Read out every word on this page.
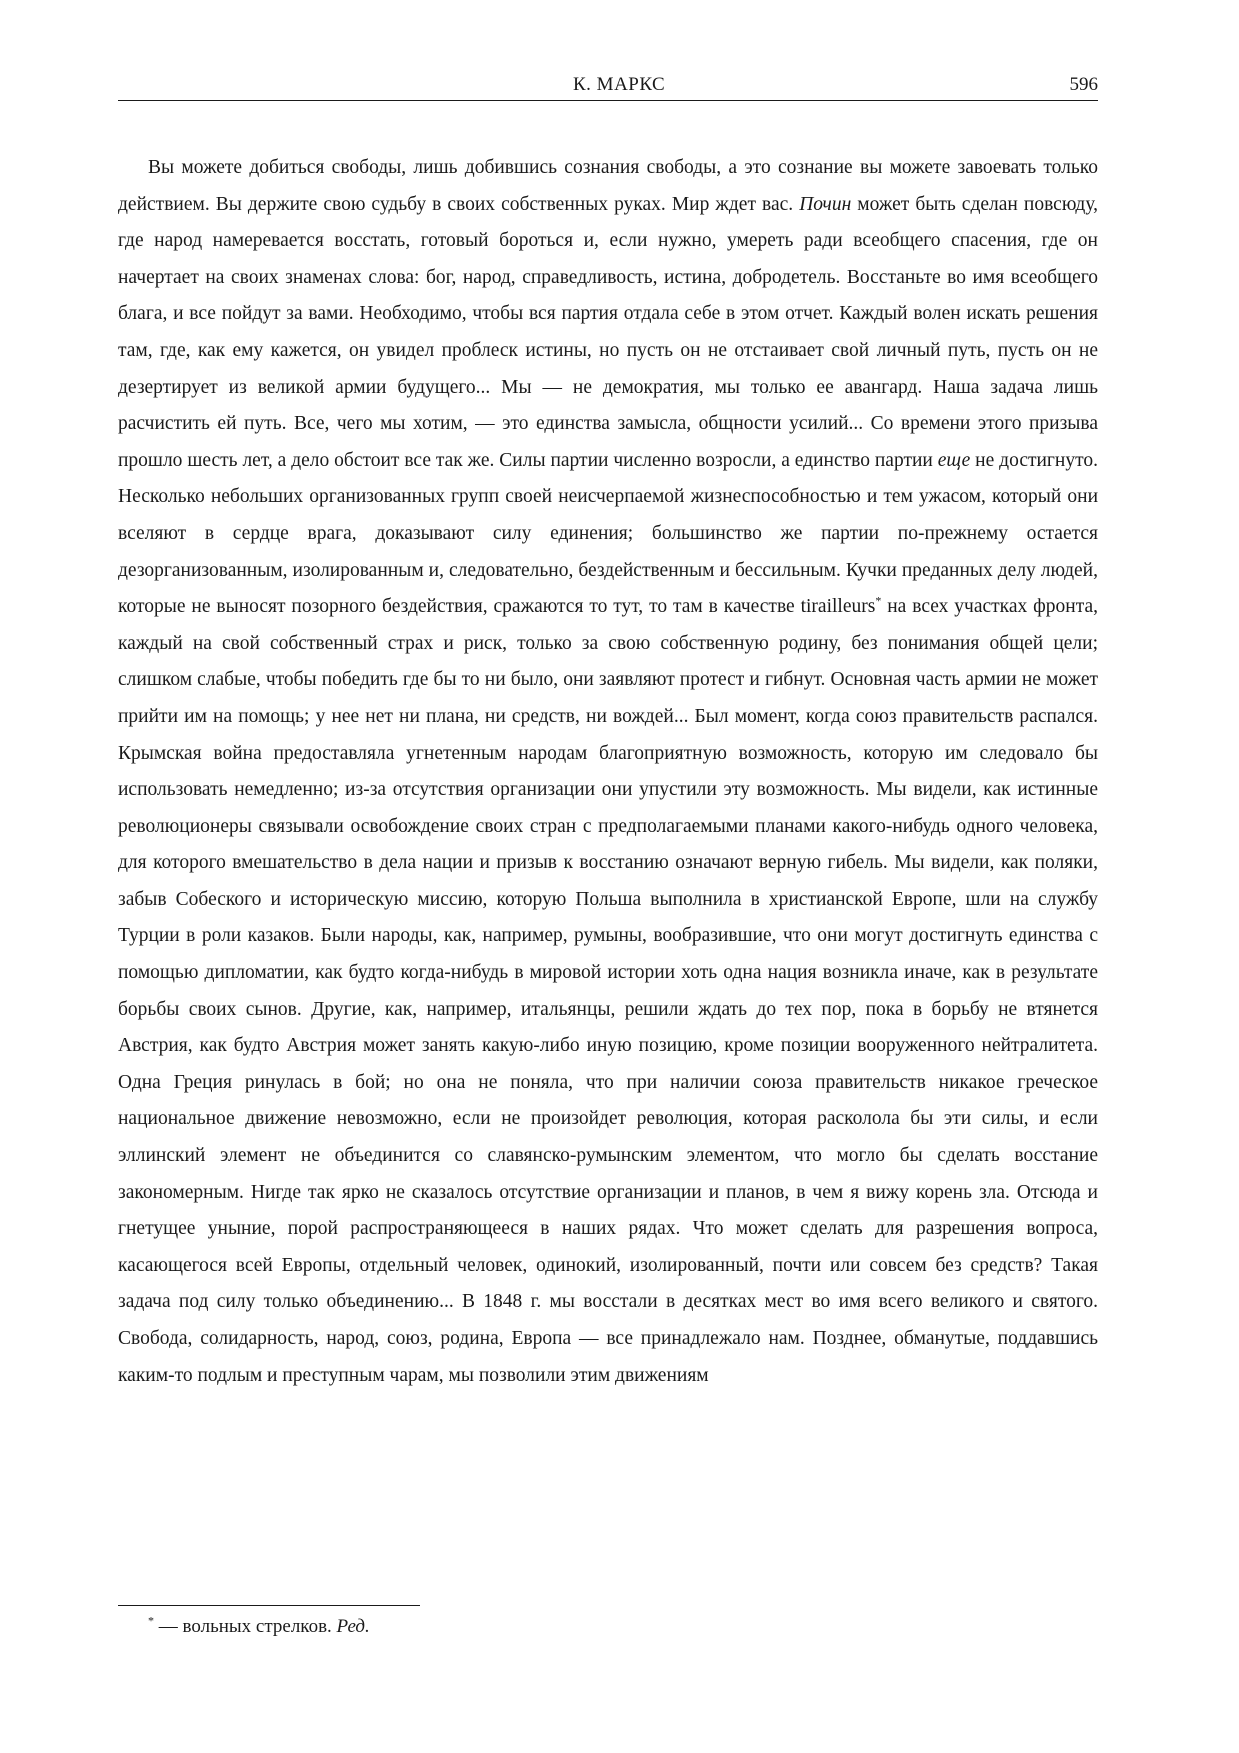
К. МАРКС	596

Вы можете добиться свободы, лишь добившись сознания свободы, а это сознание вы можете завоевать только действием. Вы держите свою судьбу в своих собственных руках. Мир ждет вас. Почин может быть сделан повсюду, где народ намеревается восстать, готовый бороться и, если нужно, умереть ради всеобщего спасения, где он начертает на своих знаменах слова: бог, народ, справедливость, истина, добродетель. Восстаньте во имя всеобщего блага, и все пойдут за вами. Необходимо, чтобы вся партия отдала себе в этом отчет. Каждый волен искать решения там, где, как ему кажется, он увидел проблеск истины, но пусть он не отстаивает свой личный путь, пусть он не дезертирует из великой армии будущего... Мы — не демократия, мы только ее авангард. Наша задача лишь расчистить ей путь. Все, чего мы хотим, — это единства замысла, общности усилий... Со времени этого призыва прошло шесть лет, а дело обстоит все так же. Силы партии численно возросли, а единство партии еще не достигнуто. Несколько небольших организованных групп своей неисчерпаемой жизнеспособностью и тем ужасом, который они вселяют в сердце врага, доказывают силу единения; большинство же партии по-прежнему остается дезорганизованным, изолированным и, следовательно, бездейственным и бессильным. Кучки преданных делу людей, которые не выносят позорного бездействия, сражаются то тут, то там в качестве tirailleurs* на всех участках фронта, каждый на свой собственный страх и риск, только за свою собственную родину, без понимания общей цели; слишком слабые, чтобы победить где бы то ни было, они заявляют протест и гибнут. Основная часть армии не может прийти им на помощь; у нее нет ни плана, ни средств, ни вождей... Был момент, когда союз правительств распался. Крымская война предоставляла угнетенным народам благоприятную возможность, которую им следовало бы использовать немедленно; из-за отсутствия организации они упустили эту возможность. Мы видели, как истинные революционеры связывали освобождение своих стран с предполагаемыми планами какого-нибудь одного человека, для которого вмешательство в дела нации и призыв к восстанию означают верную гибель. Мы видели, как поляки, забыв Собеского и историческую миссию, которую Польша выполнила в христианской Европе, шли на службу Турции в роли казаков. Были народы, как, например, румыны, вообразившие, что они могут достигнуть единства с помощью дипломатии, как будто когда-нибудь в мировой истории хоть одна нация возникла иначе, как в результате борьбы своих сынов. Другие, как, например, итальянцы, решили ждать до тех пор, пока в борьбу не втянется Австрия, как будто Австрия может занять какую-либо иную позицию, кроме позиции вооруженного нейтралитета. Одна Греция ринулась в бой; но она не поняла, что при наличии союза правительств никакое греческое национальное движение невозможно, если не произойдет революция, которая расколола бы эти силы, и если эллинский элемент не объединится со славянско-румынским элементом, что могло бы сделать восстание закономерным. Нигде так ярко не сказалось отсутствие организации и планов, в чем я вижу корень зла. Отсюда и гнетущее уныние, порой распространяющееся в наших рядах. Что может сделать для разрешения вопроса, касающегося всей Европы, отдельный человек, одинокий, изолированный, почти или совсем без средств? Такая задача под силу только объединению... В 1848 г. мы восстали в десятках мест во имя всего великого и святого. Свобода, солидарность, народ, союз, родина, Европа — все принадлежало нам. Позднее, обманутые, поддавшись каким-то подлым и преступным чарам, мы позволили этим движениям

* — вольных стрелков. Ред.
